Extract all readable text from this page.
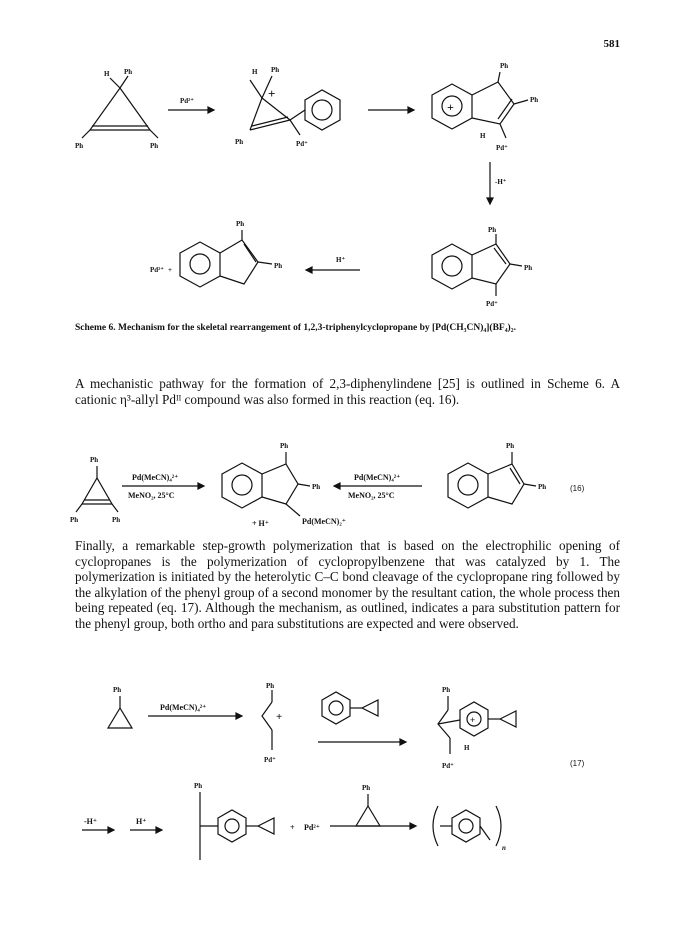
581
H Ph
Ph	Ph
Pd²⁺
H Ph
+
Ph	Pd⁺
+
Ph
Ph
H
Pd⁺
-H⁺
Ph
Ph
Pd⁺
H⁺
Pd²⁺ +
Ph
Ph
Scheme 6. Mechanism for the skeletal rearrangement of 1,2,3-triphenylcyclopropane by [Pd(CH₃CN)₄](BF₄)₂.
A mechanistic pathway for the formation of 2,3-diphenylindene [25] is outlined in Scheme 6. A cationic η³-allyl Pdᴵᴵ compound was also formed in this reaction (eq. 16).
Ph
Ph	Ph
Pd(MeCN)₄²⁺
MeNO₂, 25°C
Ph
Ph
Pd(MeCN)₂⁺
+ H⁺
Pd(MeCN)₄²⁺
MeNO₂, 25°C
Ph
Ph	(16)
Finally, a remarkable step-growth polymerization that is based on the electrophilic opening of cyclopropanes is the polymerization of cyclopropylbenzene that was catalyzed by 1. The polymerization is initiated by the heterolytic C–C bond cleavage of the cyclopropane ring followed by the alkylation of the phenyl group of a second monomer by the resultant cation, the whole process then being repeated (eq. 17). Although the mechanism, as outlined, indicates a para substitution pattern for the phenyl group, both ortho and para substitutions are expected and were observed.
Ph
Pd(MeCN)₄²⁺
Ph
+
Pd⁺
Ph
+
H
Pd⁺	(17)
-H⁺	H⁺
Ph
+ Pd²⁺
Ph
n
